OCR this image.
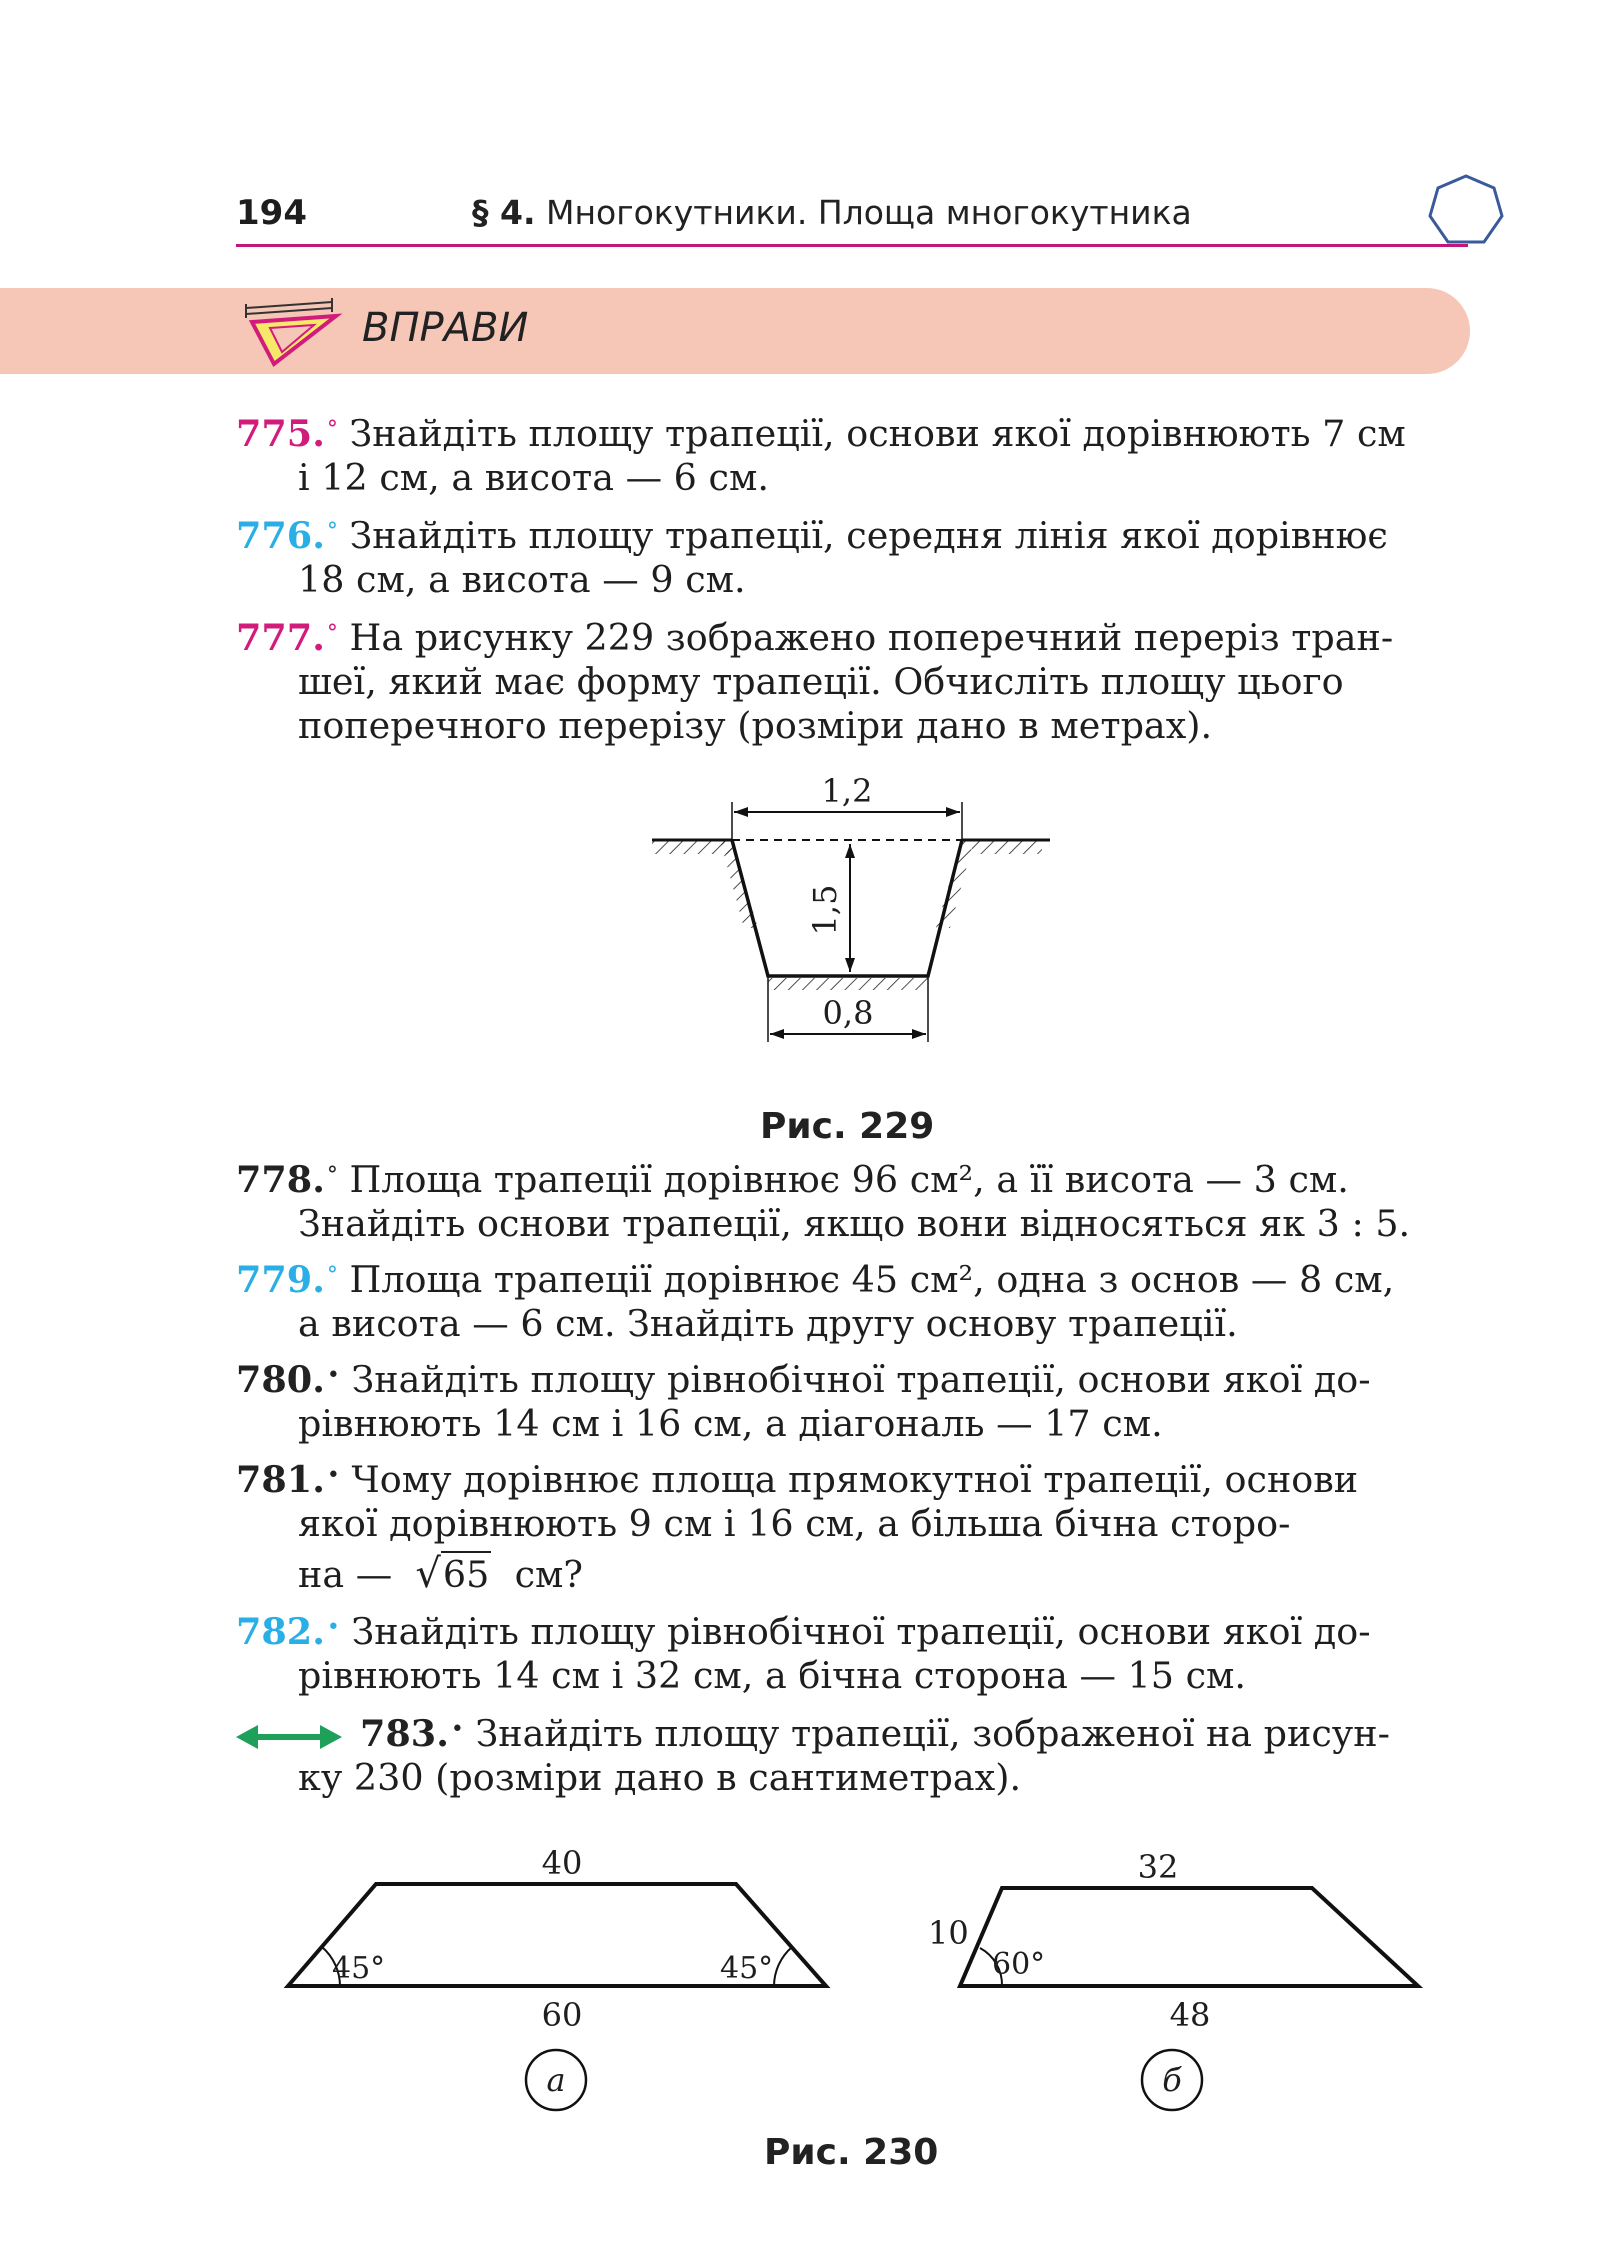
194	§ 4. Многокутники. Площа многокутника
ВПРАВИ
775.° Знайдіть площу трапеції, основи якої дорівнюють 7 см
і 12 см, а висота — 6 см.
776.° Знайдіть площу трапеції, середня лінія якої дорівнює
18 см, а висота — 9 см.
777.° На рисунку 229 зображено поперечний переріз тран-
шеї, який має форму трапеції. Обчисліть площу цього
поперечного перерізу (розміри дано в метрах).
1,2
1,5
0,8
Рис. 229
778.° Площа трапеції дорівнює 96 см², а її висота — 3 см.
Знайдіть основи трапеції, якщо вони відносяться як 3 : 5.
779.° Площа трапеції дорівнює 45 см², одна з основ — 8 см,
а висота — 6 см. Знайдіть другу основу трапеції.
780.• Знайдіть площу рівнобічної трапеції, основи якої до-
рівнюють 14 см і 16 см, а діагональ — 17 см.
781.• Чому дорівнює площа прямокутної трапеції, основи
якої дорівнюють 9 см і 16 см, а більша бічна сторо-
на — √65 см?
782.• Знайдіть площу рівнобічної трапеції, основи якої до-
рівнюють 14 см і 32 см, а бічна сторона — 15 см.
783.• Знайдіть площу трапеції, зображеної на рисун-
ку 230 (розміри дано в сантиметрах).
40
60
45°	45°
а
32
48
10
60°
б
Рис. 230
